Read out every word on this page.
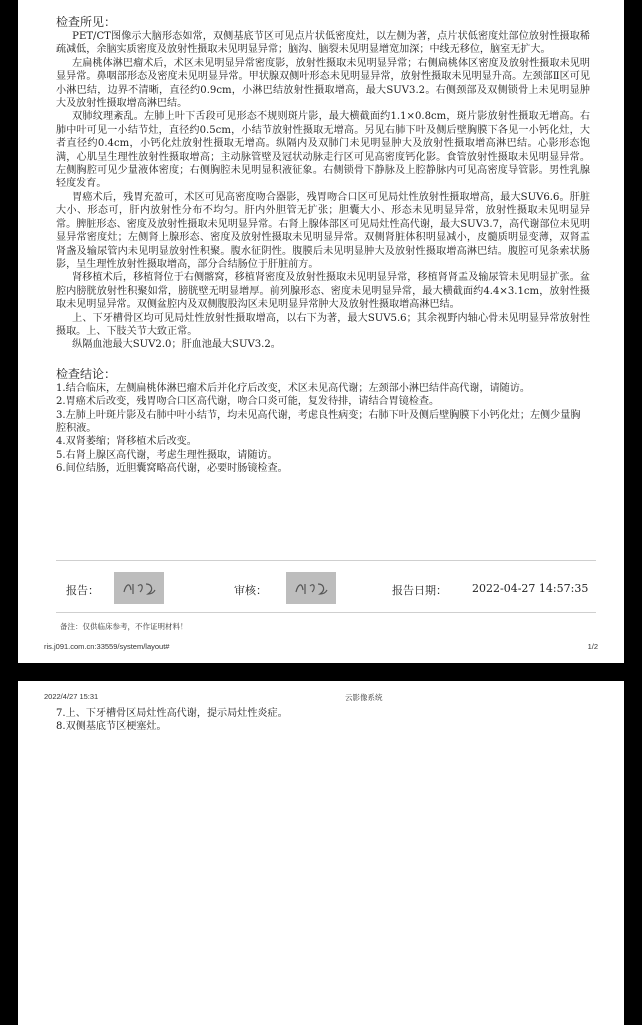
检查所见：

PET/CT图像示大脑形态如常，双侧基底节区可见点片状低密度灶，以左侧为著，点片状低密度灶部位放射性摄取稀疏减低，余脑实质密度及放射性摄取未见明显异常；脑沟、脑裂未见明显增宽加深；中线无移位，脑室无扩大。

左扁桃体淋巴瘤术后，术区未见明显异常密度影，放射性摄取未见明显异常；右侧扁桃体区密度及放射性摄取未见明显异常。鼻咽部形态及密度未见明显异常。甲状腺双侧叶形态未见明显异常，放射性摄取未见明显升高。左颈部Ⅱ区可见小淋巴结，边界不清晰，直径约0.9cm，小淋巴结放射性摄取增高，最大SUV3.2。右侧颈部及双侧锁骨上未见明显肿大及放射性摄取增高淋巴结。

双肺纹理紊乱。左肺上叶下舌段可见形态不规则斑片影，最大横截面约1.1×0.8cm，斑片影放射性摄取无增高。右肺中叶可见一小结节灶，直径约0.5cm，小结节放射性摄取无增高。另见右肺下叶及侧后壁胸膜下各见一小钙化灶，大者直径约0.4cm，小钙化灶放射性摄取无增高。纵隔内及双肺门未见明显肿大及放射性摄取增高淋巴结。心影形态饱满，心肌呈生理性放射性摄取增高；主动脉管壁及冠状动脉走行区可见高密度钙化影。食管放射性摄取未见明显异常。左侧胸腔可见少量液体密度；右侧胸腔未见明显积液征象。右侧锁骨下静脉及上腔静脉内可见高密度导管影。男性乳腺轻度发育。

胃癌术后，残胃充盈可，术区可见高密度吻合器影，残胃吻合口区可见局灶性放射性摄取增高，最大SUV6.6。肝脏大小、形态可，肝内放射性分布不均匀。肝内外胆管无扩张；胆囊大小、形态未见明显异常，放射性摄取未见明显异常。脾脏形态、密度及放射性摄取未见明显异常。右肾上腺体部区可见局灶性高代谢，最大SUV3.7，高代谢部位未见明显异常密度灶；左侧肾上腺形态、密度及放射性摄取未见明显异常。双侧肾脏体积明显减小，皮髓质明显变薄，双肾盂肾盏及输尿管内未见明显放射性积聚。腹水征阴性。腹膜后未见明显肿大及放射性摄取增高淋巴结。腹腔可见条索状肠影，呈生理性放射性摄取增高，部分合结肠位于肝脏前方。

肾移植术后，移植肾位于右侧髂窝，移植肾密度及放射性摄取未见明显异常，移植肾肾盂及输尿管未见明显扩张。盆腔内膀胱放射性积聚如常，膀胱壁无明显增厚。前列腺形态、密度未见明显异常，最大横截面约4.4×3.1cm，放射性摄取未见明显异常。双侧盆腔内及双侧腹股沟区未见明显异常肿大及放射性摄取增高淋巴结。

上、下牙槽骨区均可见局灶性放射性摄取增高，以右下为著，最大SUV5.6；其余视野内轴心骨未见明显异常放射性摄取。上、下肢关节大致正常。

纵隔血池最大SUV2.0；肝血池最大SUV3.2。

检查结论：

1.结合临床，左侧扁桃体淋巴瘤术后并化疗后改变，术区未见高代谢；左颈部小淋巴结伴高代谢，请随访。

2.胃癌术后改变，残胃吻合口区高代谢，吻合口炎可能，复发待排，请结合胃镜检查。

3.左肺上叶斑片影及右肺中叶小结节，均未见高代谢，考虑良性病变；右肺下叶及侧后壁胸膜下小钙化灶；左侧少量胸腔积液。

4.双肾萎缩；肾移植术后改变。

5.右肾上腺区高代谢，考虑生理性摄取，请随访。

6.间位结肠，近胆囊窝略高代谢，必要时肠镜检查。

报告：	审核：	报告日期： 2022-04-27 14:57:35
备注：仅供临床参考，不作证明材料！
ris.j091.com.cn:33559/system/layout#	1/2
2022/4/27 15:31	云影像系统

7.上、下牙槽骨区局灶性高代谢，提示局灶性炎症。

8.双侧基底节区梗塞灶。
